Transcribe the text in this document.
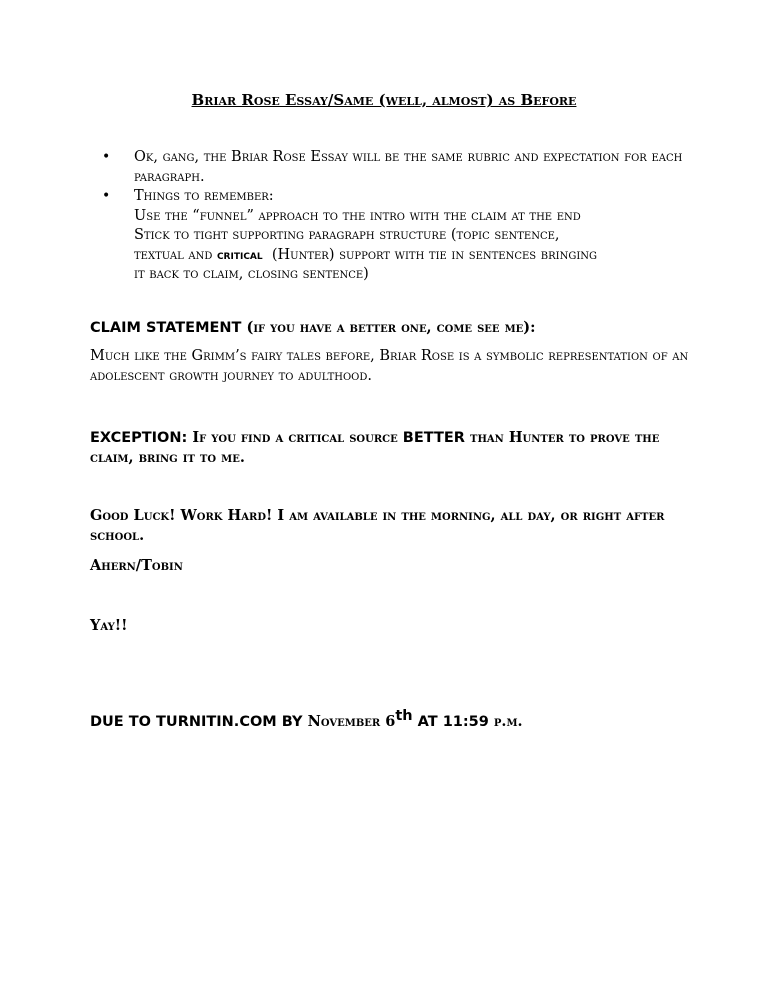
Briar Rose Essay/Same (well, almost) as Before
• Ok, gang, the Briar Rose Essay will be the same rubric and expectation for each paragraph.
• Things to remember:
Use the “funnel” approach to the intro with the claim at the end
Stick to tight supporting paragraph structure (topic sentence,
textual and critical  (Hunter) support with tie in sentences bringing
it back to claim, closing sentence)
CLAIM STATEMENT (if you have a better one, come see me):
Much like the Grimm’s fairy tales before, Briar Rose is a symbolic representation of an adolescent growth journey to adulthood.
EXCEPTION: If you find a critical source BETTER than Hunter to prove the claim, bring it to me.
Good Luck! Work Hard! I am available in the morning, all day, or right after school.
Ahern/Tobin
Yay!!
DUE TO TURNITIN.COM BY November 6th AT 11:59 p.m.
